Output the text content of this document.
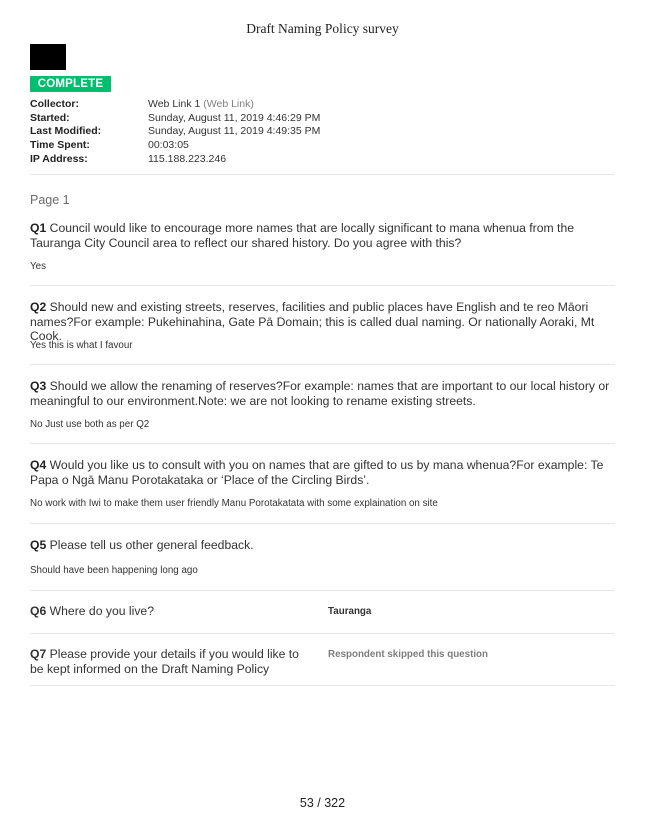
Draft Naming Policy survey
COMPLETE
Collector:	Web Link 1 (Web Link)
Started:	Sunday, August 11, 2019 4:46:29 PM
Last Modified:	Sunday, August 11, 2019 4:49:35 PM
Time Spent:	00:03:05
IP Address:	115.188.223.246
Page 1
Q1 Council would like to encourage more names that are locally significant to mana whenua from the Tauranga City Council area to reflect our shared history. Do you agree with this?
Yes
Q2 Should new and existing streets, reserves, facilities and public places have English and te reo Māori names?For example: Pukehinahina, Gate Pā Domain; this is called dual naming. Or nationally Aoraki, Mt Cook.
Yes this is what I favour
Q3 Should we allow the renaming of reserves?For example: names that are important to our local history or meaningful to our environment.Note: we are not looking to rename existing streets.
No Just use both as per Q2
Q4 Would you like us to consult with you on names that are gifted to us by mana whenua?For example: Te Papa o Ngā Manu Porotakataka or ‘Place of the Circling Birds’.
No work with Iwi to make them user friendly Manu Porotakatata with some explaination on site
Q5 Please tell us other general feedback.
Should have been happening long ago
Q6 Where do you live?	Tauranga
Q7 Please provide your details if you would like to be kept informed on the Draft Naming Policy
Respondent skipped this question
53 / 322
